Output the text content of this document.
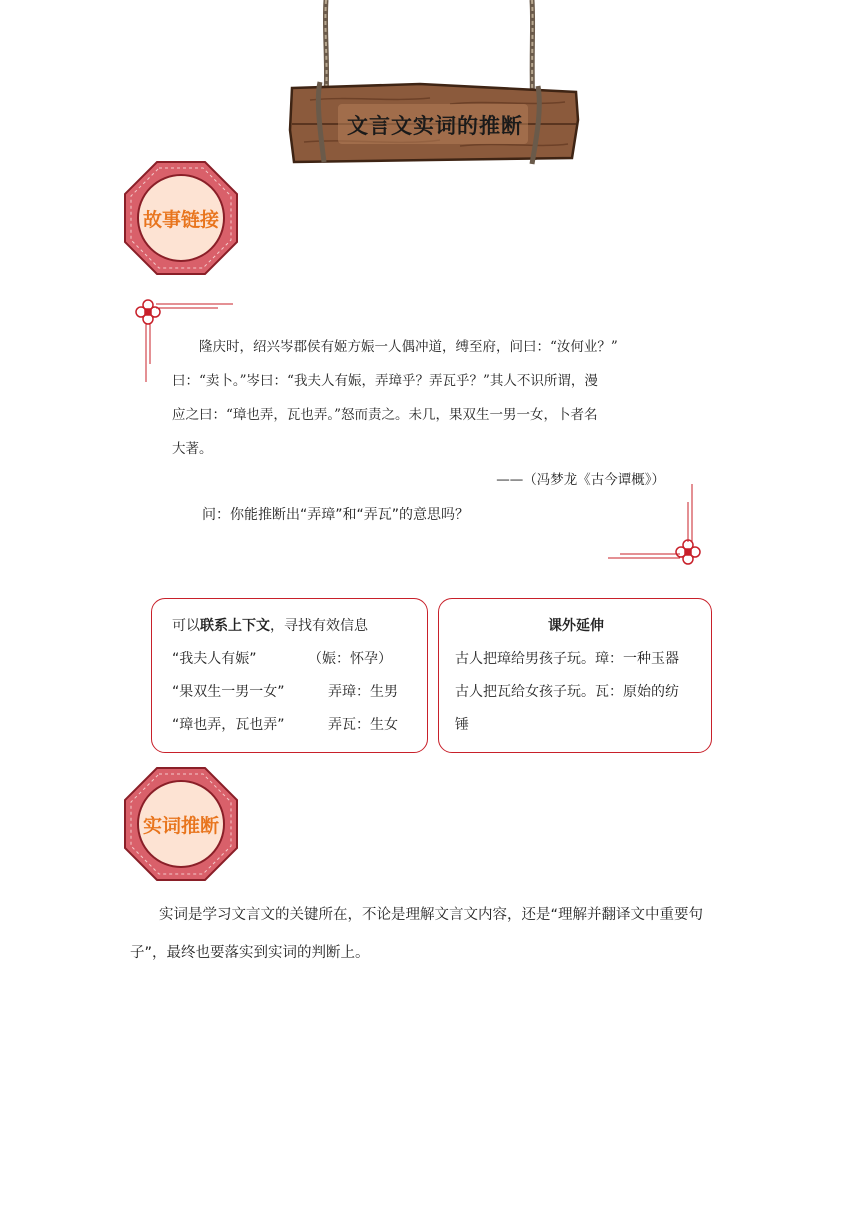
文言文实词的推断
故事链接

隆庆时，绍兴岑郡侯有姬方娠一人偶冲道，缚至府，问曰：“汝何业？”

曰：“卖卜。”岑曰：“我夫人有娠，弄璋乎？弄瓦乎？”其人不识所谓，漫

应之曰：“璋也弄，瓦也弄。”怒而责之。未几，果双生一男一女，卜者名

大著。

——（冯梦龙《古今谭概》）
问：你能推断出“弄璋”和“弄瓦”的意思吗？
可以联系上下文，寻找有效信息
“我夫人有娠”	（娠：怀孕）
“果双生一男一女”	弄璋：生男
“璋也弄，瓦也弄”	弄瓦：生女
课外延伸
古人把璋给男孩子玩。璋：一种玉器
古人把瓦给女孩子玩。瓦：原始的纺
锤
实词推断

实词是学习文言文的关键所在，不论是理解文言文内容，还是“理解并翻译文中重要句子”，最终也要落实到实词的判断上。
